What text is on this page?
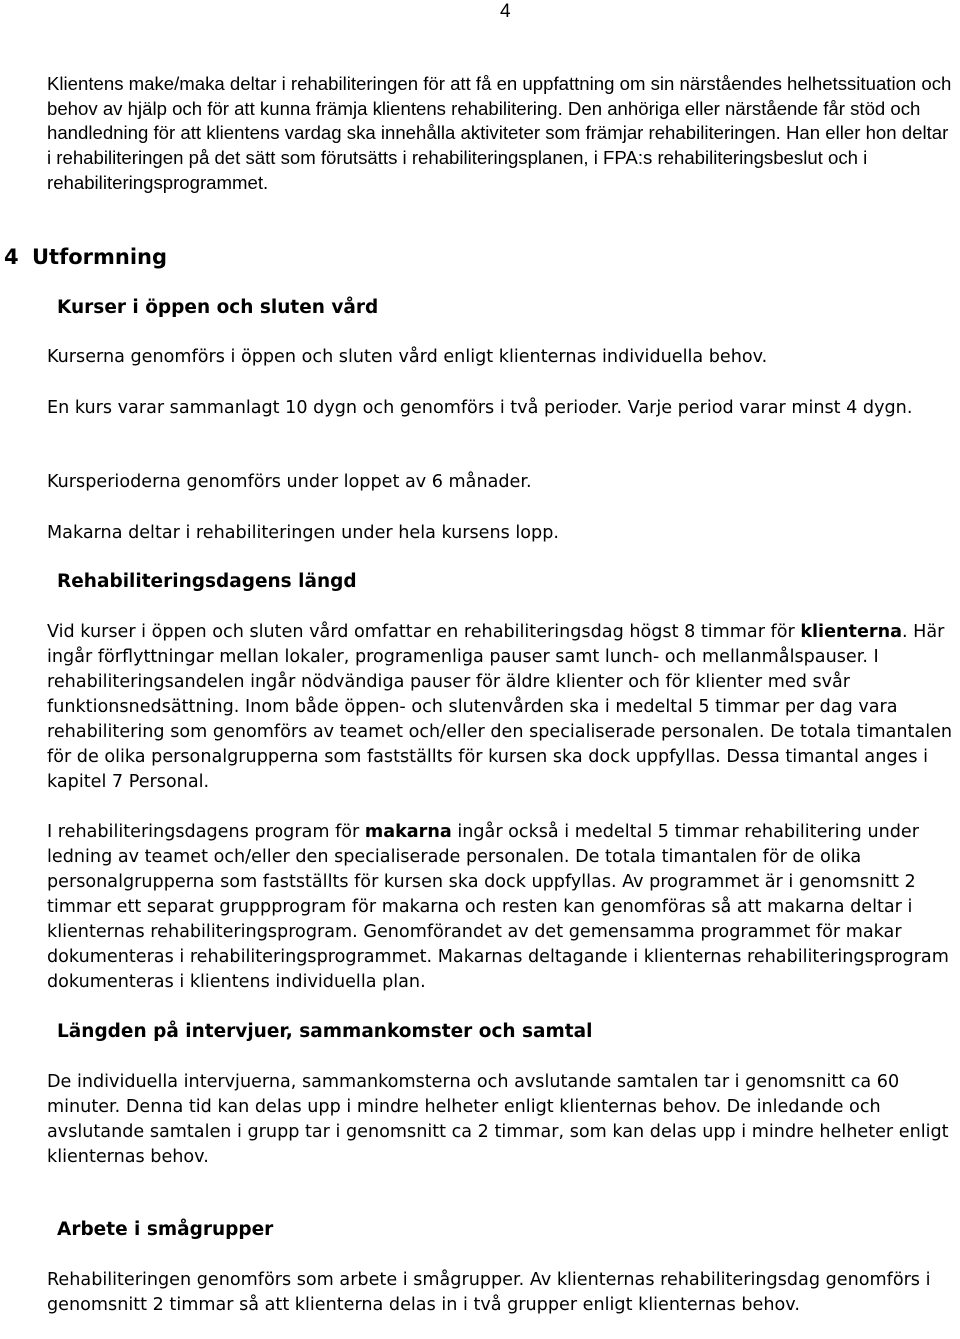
4

Klientens make/maka deltar i rehabiliteringen för att få en uppfattning om sin närståendes helhetssituation och behov av hjälp och för att kunna främja klientens rehabilitering. Den anhöriga eller närstående får stöd och handledning för att klientens vardag ska innehålla aktiviteter som främjar rehabiliteringen. Han eller hon deltar i rehabiliteringen på det sätt som förutsätts i rehabiliteringsplanen, i FPA:s rehabiliteringsbeslut och i rehabiliteringsprogrammet.

4 Utformning
Kurser i öppen och sluten vård

Kurserna genomförs i öppen och sluten vård enligt klienternas individuella behov.

En kurs varar sammanlagt 10 dygn och genomförs i två perioder. Varje period varar minst 4 dygn.

Kursperioderna genomförs under loppet av 6 månader.

Makarna deltar i rehabiliteringen under hela kursens lopp.

Rehabiliteringsdagens längd

Vid kurser i öppen och sluten vård omfattar en rehabiliteringsdag högst 8 timmar för klienterna. Här ingår förflyttningar mellan lokaler, programenliga pauser samt lunch- och mellanmålspauser. I rehabiliteringsandelen ingår nödvändiga pauser för äldre klienter och för klienter med svår funktionsnedsättning. Inom både öppen- och slutenvården ska i medeltal 5 timmar per dag vara rehabilitering som genomförs av teamet och/eller den specialiserade personalen. De totala timantalen för de olika personalgrupperna som fastställts för kursen ska dock uppfyllas. Dessa timantal anges i kapitel 7 Personal.

I rehabiliteringsdagens program för makarna ingår också i medeltal 5 timmar rehabilitering under ledning av teamet och/eller den specialiserade personalen. De totala timantalen för de olika personalgrupperna som fastställts för kursen ska dock uppfyllas. Av programmet är i genomsnitt 2 timmar ett separat gruppprogram för makarna och resten kan genomföras så att makarna deltar i klienternas rehabiliteringsprogram. Genomförandet av det gemensamma programmet för makar dokumenteras i rehabiliteringsprogrammet. Makarnas deltagande i klienternas rehabiliteringsprogram dokumenteras i klientens individuella plan.

Längden på intervjuer, sammankomster och samtal

De individuella intervjuerna, sammankomsterna och avslutande samtalen tar i genomsnitt ca 60 minuter. Denna tid kan delas upp i mindre helheter enligt klienternas behov. De inledande och avslutande samtalen i grupp tar i genomsnitt ca 2 timmar, som kan delas upp i mindre helheter enligt klienternas behov.

Arbete i smågrupper

Rehabiliteringen genomförs som arbete i smågrupper. Av klienternas rehabiliteringsdag genomförs i genomsnitt 2 timmar så att klienterna delas in i två grupper enligt klienternas behov.
